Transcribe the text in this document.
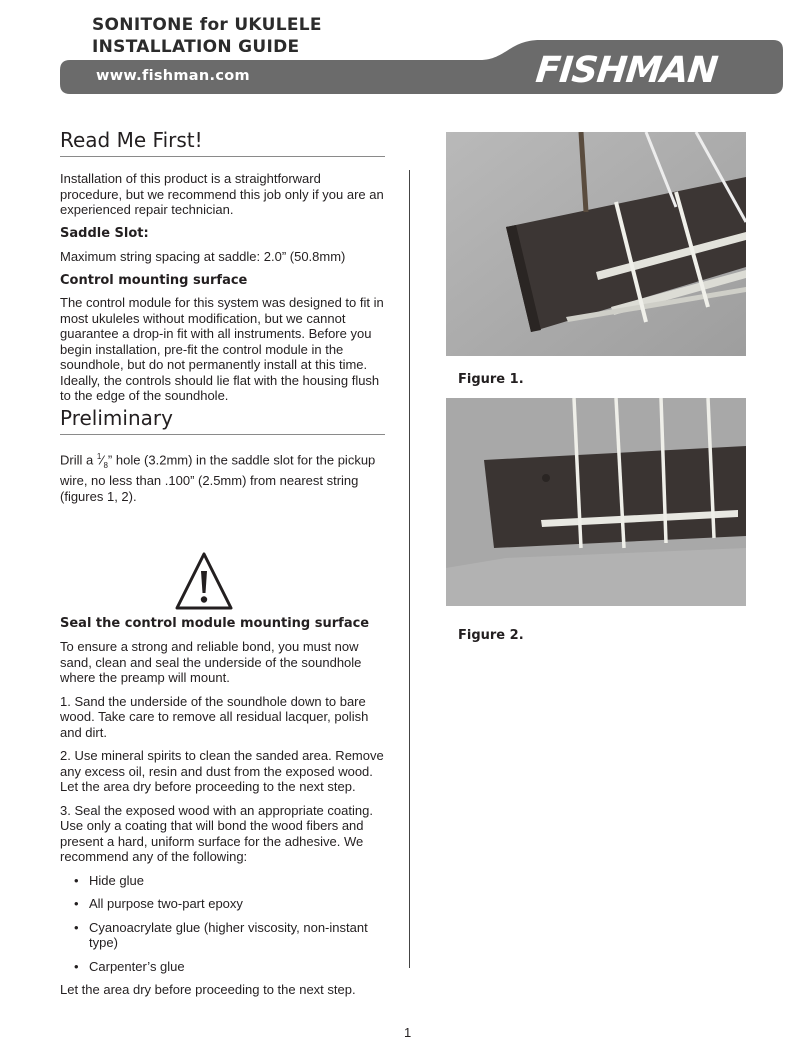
SONITONE for UKULELE
INSTALLATION GUIDE
www.fishman.com	FISHMAN
Read Me First!

Installation of this product is a straightforward procedure, but we recommend this job only if you are an experienced repair technician.

Saddle Slot:

Maximum string spacing at saddle: 2.0” (50.8mm)

Control mounting surface

The control module for this system was designed to fit in most ukuleles without modification, but we cannot guarantee a drop-in fit with all instruments. Before you begin installation, pre-fit the control module in the soundhole, but do not permanently install at this time. Ideally, the controls should lie flat with the housing flush to the edge of the soundhole.

Preliminary

Drill a $^1⁄_8$” hole (3.2mm) in the saddle slot for the pickup wire, no less than .100” (2.5mm) from nearest string (figures 1, 2).

Seal the control module mounting surface

To ensure a strong and reliable bond, you must now sand, clean and seal the underside of the soundhole where the preamp will mount.

1. Sand the underside of the soundhole down to bare wood. Take care to remove all residual lacquer, polish and dirt.

2. Use mineral spirits to clean the sanded area. Remove any excess oil, resin and dust from the exposed wood. Let the area dry before proceeding to the next step.

3. Seal the exposed wood with an appropriate coating. Use only a coating that will bond the wood fibers and present a hard, uniform surface for the adhesive. We recommend any of the following:

• Hide glue
• All purpose two-part epoxy
• Cyanoacrylate glue (higher viscosity, non-instant type)
• Carpenter’s glue

Let the area dry before proceeding to the next step.

Figure 1.
Figure 2.
1
